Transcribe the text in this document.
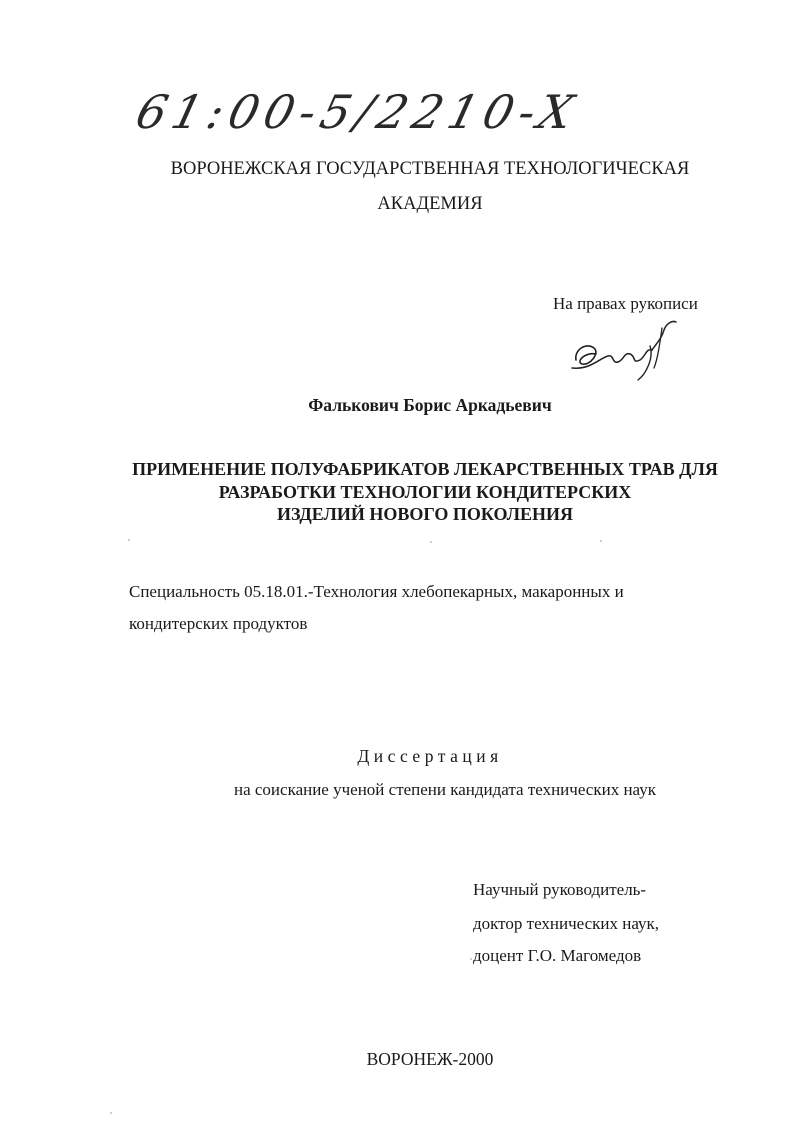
61:00-5/2210-X
ВОРОНЕЖСКАЯ ГОСУДАРСТВЕННАЯ ТЕХНОЛОГИЧЕСКАЯ
АКАДЕМИЯ
На правах рукописи
Фалькович Борис Аркадьевич
ПРИМЕНЕНИЕ ПОЛУФАБРИКАТОВ ЛЕКАРСТВЕННЫХ ТРАВ ДЛЯ
РАЗРАБОТКИ ТЕХНОЛОГИИ КОНДИТЕРСКИХ
ИЗДЕЛИЙ НОВОГО ПОКОЛЕНИЯ
Специальность 05.18.01.-Технология хлебопекарных, макаронных и
кондитерских продуктов
Диссертация
на соискание ученой степени кандидата технических наук
Научный руководитель-
доктор технических наук,
доцент Г.О. Магомедов
ВОРОНЕЖ-2000
